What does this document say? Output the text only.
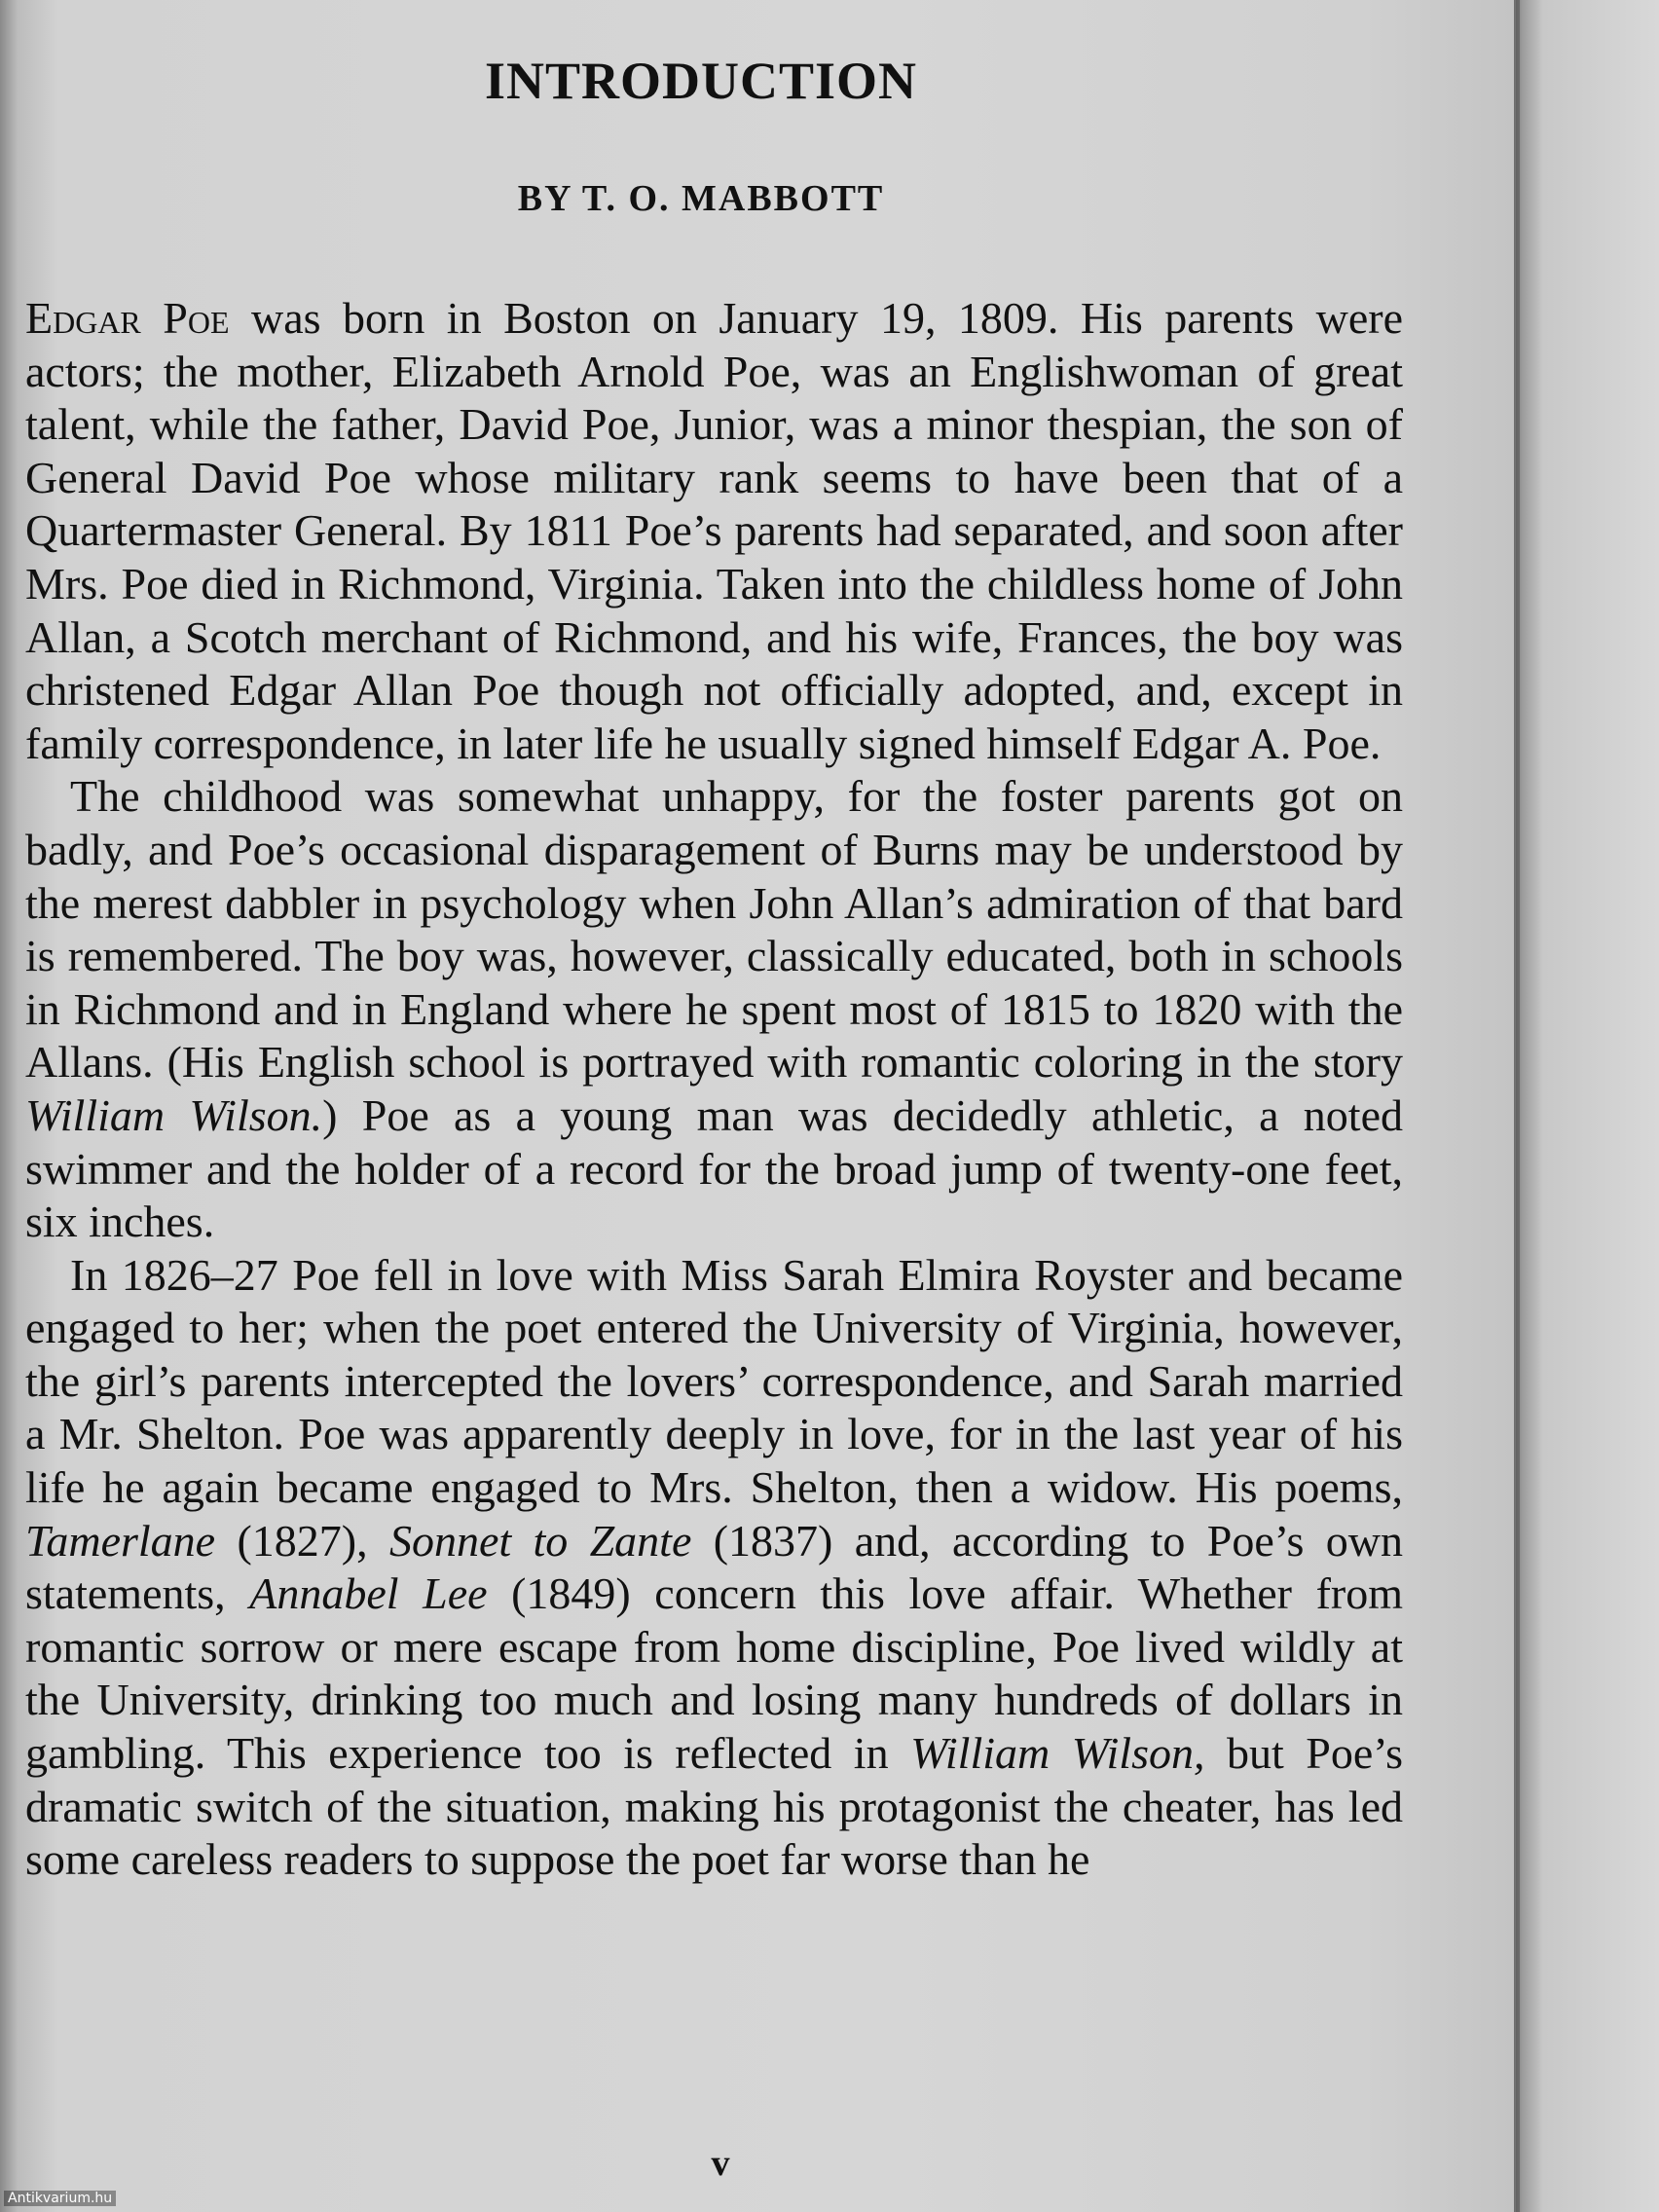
INTRODUCTION
BY T. O. MABBOTT

Edgar Poe was born in Boston on January 19, 1809. His parents were actors; the mother, Elizabeth Arnold Poe, was an Englishwoman of great talent, while the father, David Poe, Junior, was a minor thespian, the son of General David Poe whose military rank seems to have been that of a Quartermaster General. By 1811 Poe’s parents had separated, and soon after Mrs. Poe died in Richmond, Virginia. Taken into the childless home of John Allan, a Scotch merchant of Richmond, and his wife, Frances, the boy was christened Edgar Allan Poe though not officially adopted, and, except in family correspondence, in later life he usually signed himself Edgar A. Poe.

The childhood was somewhat unhappy, for the foster parents got on badly, and Poe’s occasional disparagement of Burns may be understood by the merest dabbler in psychology when John Allan’s admiration of that bard is remembered. The boy was, however, classically educated, both in schools in Richmond and in England where he spent most of 1815 to 1820 with the Allans. (His English school is portrayed with romantic coloring in the story William Wilson.) Poe as a young man was decidedly athletic, a noted swimmer and the holder of a record for the broad jump of twenty-one feet, six inches.

In 1826–27 Poe fell in love with Miss Sarah Elmira Royster and became engaged to her; when the poet entered the University of Virginia, however, the girl’s parents intercepted the lovers’ correspondence, and Sarah married a Mr. Shelton. Poe was apparently deeply in love, for in the last year of his life he again became engaged to Mrs. Shelton, then a widow. His poems, Tamerlane (1827), Sonnet to Zante (1837) and, according to Poe’s own statements, Annabel Lee (1849) concern this love affair. Whether from romantic sorrow or mere escape from home discipline, Poe lived wildly at the University, drinking too much and losing many hundreds of dollars in gambling. This experience too is reflected in William Wilson, but Poe’s dramatic switch of the situation, making his protagonist the cheater, has led some careless readers to suppose the poet far worse than he

v
Antikvarium.hu
